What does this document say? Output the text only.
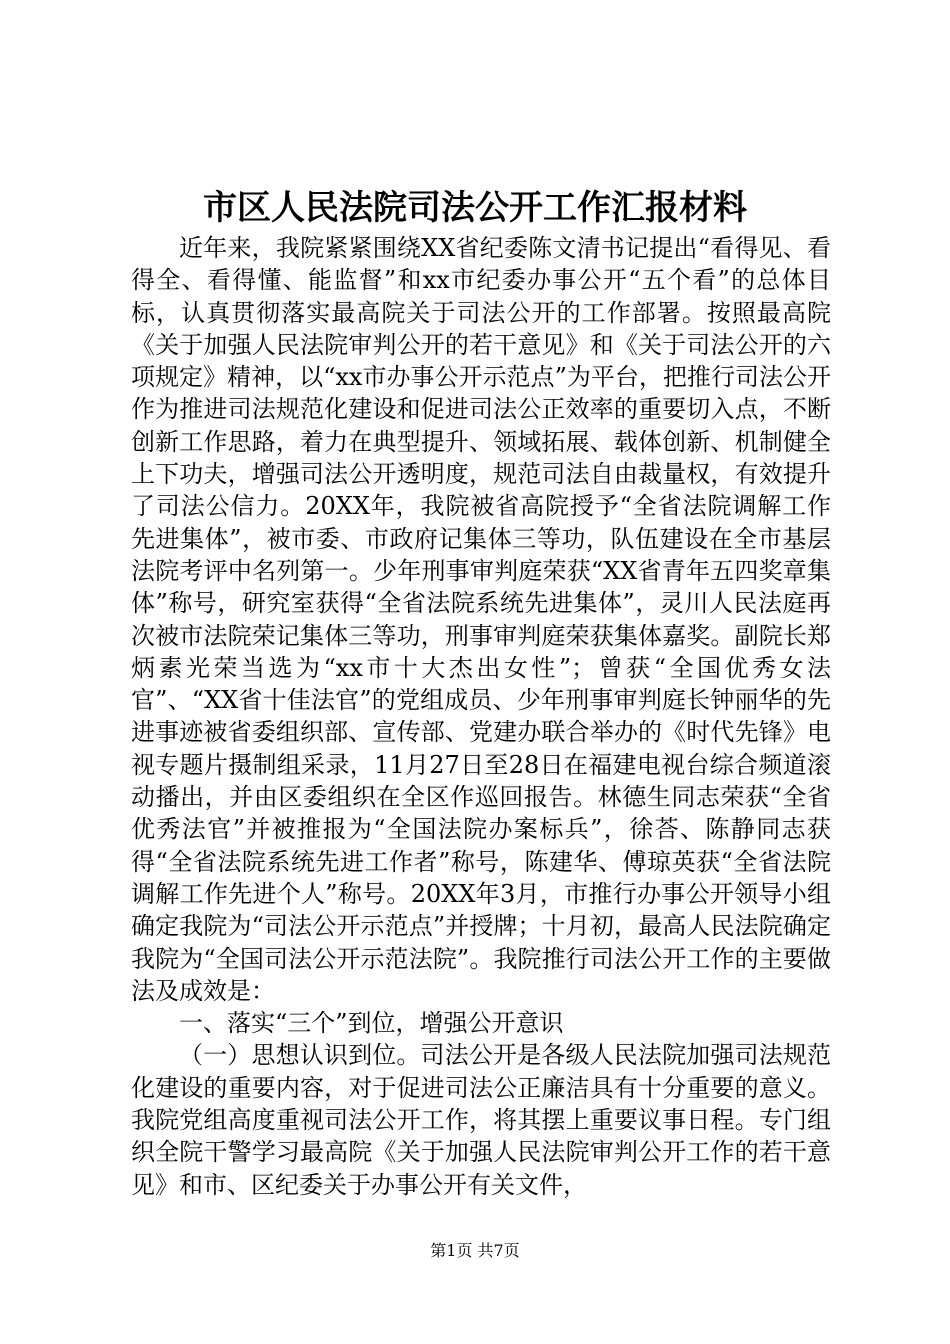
市区人民法院司法公开工作汇报材料

近年来，我院紧紧围绕XX省纪委陈文清书记提出“看得见、看得全、看得懂、能监督”和xx市纪委办事公开“五个看”的总体目标，认真贯彻落实最高院关于司法公开的工作部署。按照最高院《关于加强人民法院审判公开的若干意见》和《关于司法公开的六项规定》精神，以“xx市办事公开示范点”为平台，把推行司法公开作为推进司法规范化建设和促进司法公正效率的重要切入点，不断创新工作思路，着力在典型提升、领域拓展、载体创新、机制健全上下功夫，增强司法公开透明度，规范司法自由裁量权，有效提升了司法公信力。20XX年，我院被省高院授予“全省法院调解工作先进集体”，被市委、市政府记集体三等功，队伍建设在全市基层法院考评中名列第一。少年刑事审判庭荣获“XX省青年五四奖章集体”称号，研究室获得“全省法院系统先进集体”，灵川人民法庭再次被市法院荣记集体三等功，刑事审判庭荣获集体嘉奖。副院长郑炳素光荣当选为“xx市十大杰出女性”；曾获“全国优秀女法官”、“XX省十佳法官”的党组成员、少年刑事审判庭长钟丽华的先进事迹被省委组织部、宣传部、党建办联合举办的《时代先锋》电视专题片摄制组采录，11月27日至28日在福建电视台综合频道滚动播出，并由区委组织在全区作巡回报告。林德生同志荣获“全省优秀法官”并被推报为“全国法院办案标兵”，徐荅、陈静同志获得“全省法院系统先进工作者”称号，陈建华、傅琼英获“全省法院调解工作先进个人”称号。20XX年3月，市推行办事公开领导小组确定我院为“司法公开示范点”并授牌；十月初，最高人民法院确定我院为“全国司法公开示范法院”。我院推行司法公开工作的主要做法及成效是：

一、落实“三个”到位，增强公开意识

（一）思想认识到位。司法公开是各级人民法院加强司法规范化建设的重要内容，对于促进司法公正廉洁具有十分重要的意义。我院党组高度重视司法公开工作，将其摆上重要议事日程。专门组织全院干警学习最高院《关于加强人民法院审判公开工作的若干意见》和市、区纪委关于办事公开有关文件，

第1页 共7页
